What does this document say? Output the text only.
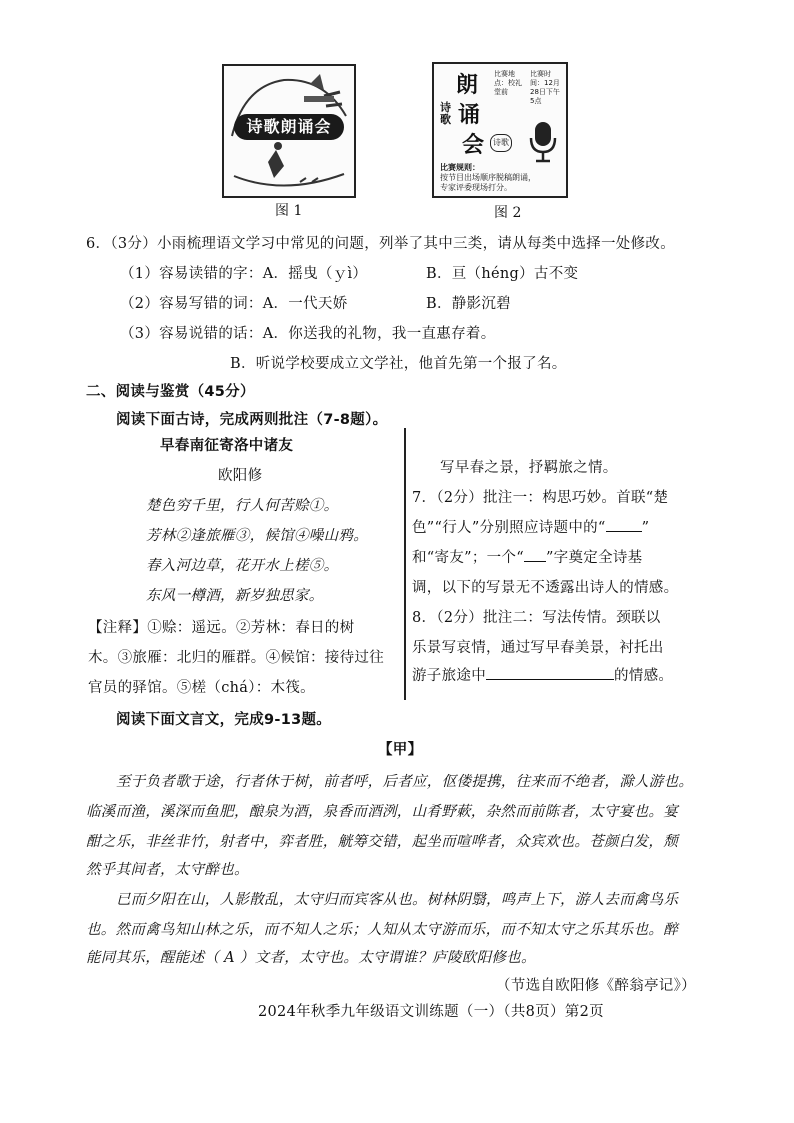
诗歌朗诵会
图 1
朗
诗歌 诵
会	诗歌
比赛地点：校礼堂前
比赛时间：12月28日下午5点
比赛规则：
按节目出场顺序脱稿朗诵，
专家评委现场打分。
图 2
6．（3分）小雨梳理语文学习中常见的问题，列举了其中三类，请从每类中选择一处修改。
（1）容易读错的字：A．摇曳（ｙì）	B．亘（héng）古不变
（2）容易写错的词：A．一代天娇	B．静影沉碧
（3）容易说错的话：A．你送我的礼物，我一直惠存着。
B．听说学校要成立文学社，他首先第一个报了名。
二、阅读与鉴赏（45分）
阅读下面古诗，完成两则批注（7-8题）。
早春南征寄洛中诸友
欧阳修
楚色穷千里，行人何苦赊①。
芳林②逢旅雁③，候馆④噪山鸦。
春入河边草，花开水上槎⑤。
东风一樽酒，新岁独思家。
【注释】①赊：遥远。②芳林：春日的树
木。③旅雁：北归的雁群。④候馆：接待过往
官员的驿馆。⑤槎（chá）：木筏。
写早春之景，抒羁旅之情。
7．（2分）批注一：构思巧妙。首联“楚
色”“行人”分别照应诗题中的“ ”
和“寄友”；一个“ ”字奠定全诗基
调，以下的写景无不透露出诗人的情感。
8．（2分）批注二：写法传情。颈联以
乐景写哀情，通过写早春美景，衬托出
游子旅途中	的情感。
阅读下面文言文，完成9-13题。
【甲】
至于负者歌于途，行者休于树，前者呼，后者应，伛偻提携，往来而不绝者，滁人游也。
临溪而渔，溪深而鱼肥，酿泉为酒，泉香而酒洌，山肴野蔌，杂然而前陈者，太守宴也。宴
酣之乐，非丝非竹，射者中，弈者胜，觥筹交错，起坐而喧哗者，众宾欢也。苍颜白发，颓
然乎其间者，太守醉也。
已而夕阳在山，人影散乱，太守归而宾客从也。树林阴翳，鸣声上下，游人去而禽鸟乐
也。然而禽鸟知山林之乐，而不知人之乐；人知从太守游而乐，而不知太守之乐其乐也。醉
能同其乐，醒能述（ A ）文者，太守也。太守谓谁？庐陵欧阳修也。
（节选自欧阳修《醉翁亭记》）
2024年秋季九年级语文训练题（一）（共8页）第2页
